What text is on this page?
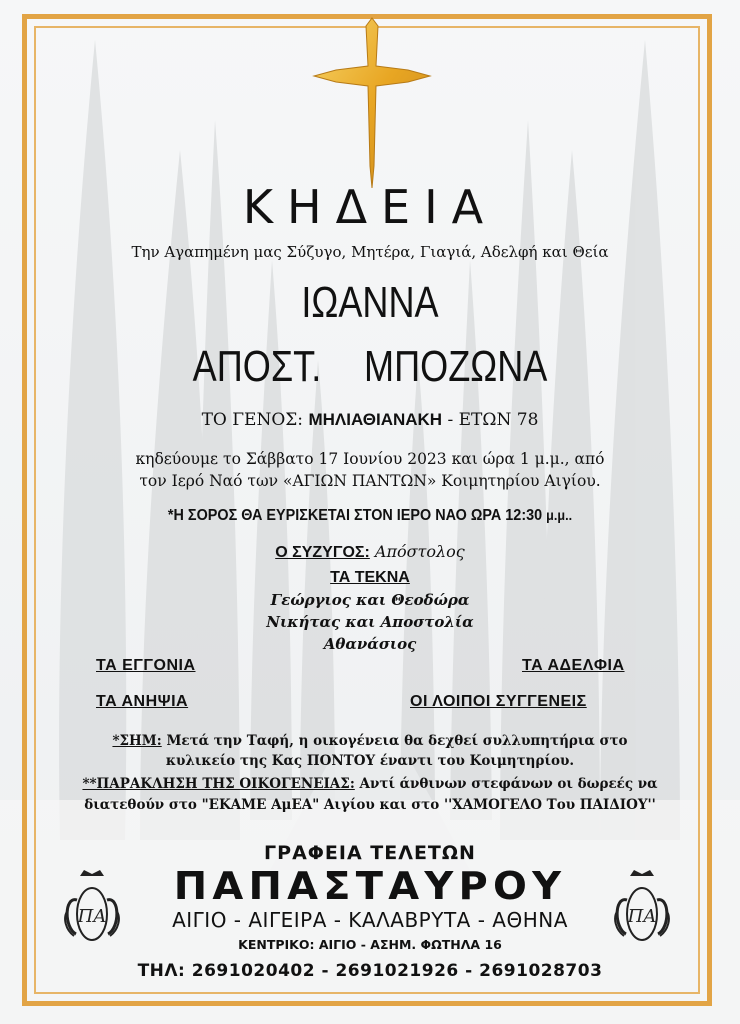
ΚΗΔΕΙΑ
Την Αγαπημένη μας Σύζυγο, Μητέρα, Γιαγιά, Αδελφή και Θεία
ΙΩΑΝΝΑ
ΑΠΟΣΤ. ΜΠΟΖΩΝΑ
ΤΟ ΓΕΝΟΣ: ΜΗΛΙΑΘΙΑΝΑΚΗ - ΕΤΩΝ 78
κηδεύουμε το Σάββατο 17 Ιουνίου 2023 και ώρα 1 μ.μ., από
τον Ιερό Ναό των «ΑΓΙΩΝ ΠΑΝΤΩΝ» Κοιμητηρίου Αιγίου.
*Η ΣΟΡΟΣ ΘΑ ΕΥΡΙΣΚΕΤΑΙ ΣΤΟΝ ΙΕΡΟ ΝΑΟ ΩΡΑ 12:30 μ.μ..
Ο ΣΥΖΥΓΟΣ: Απόστολος
ΤΑ ΤΕΚΝΑ
Γεώργιος και Θεοδώρα
Νικήτας και Αποστολία
Αθανάσιος
ΤΑ ΕΓΓΟΝΙΑ	ΤΑ ΑΔΕΛΦΙΑ
ΤΑ ΑΝΗΨΙΑ	ΟΙ ΛΟΙΠΟΙ ΣΥΓΓΕΝΕΙΣ
*ΣΗΜ: Μετά την Ταφή, η οικογένεια θα δεχθεί συλλυπητήρια στο
κυλικείο της Κας ΠΟΝΤΟΥ έναντι του Κοιμητηρίου.
**ΠΑΡΑΚΛΗΣΗ ΤΗΣ ΟΙΚΟΓΕΝΕΙΑΣ: Αντί άνθινων στεφάνων οι δωρεές να
διατεθούν στο "ΕΚΑΜΕ ΑμΕΑ" Αιγίου και στο ''ΧΑΜΟΓΕΛΟ Του ΠΑΙΔΙΟΥ''
ΓΡΑΦΕΙΑ ΤΕΛΕΤΩΝ
ΠΑΠΑΣΤΑΥΡΟΥ
ΑΙΓΙΟ - ΑΙΓΕΙΡΑ - ΚΑΛΑΒΡΥΤΑ - ΑΘΗΝΑ
ΚΕΝΤΡΙΚΟ: ΑΙΓΙΟ - ΑΣΗΜ. ΦΩΤΗΛΑ 16
ΤΗΛ: 2691020402 - 2691021926 - 2691028703
ΠΑ	ΠΑ
